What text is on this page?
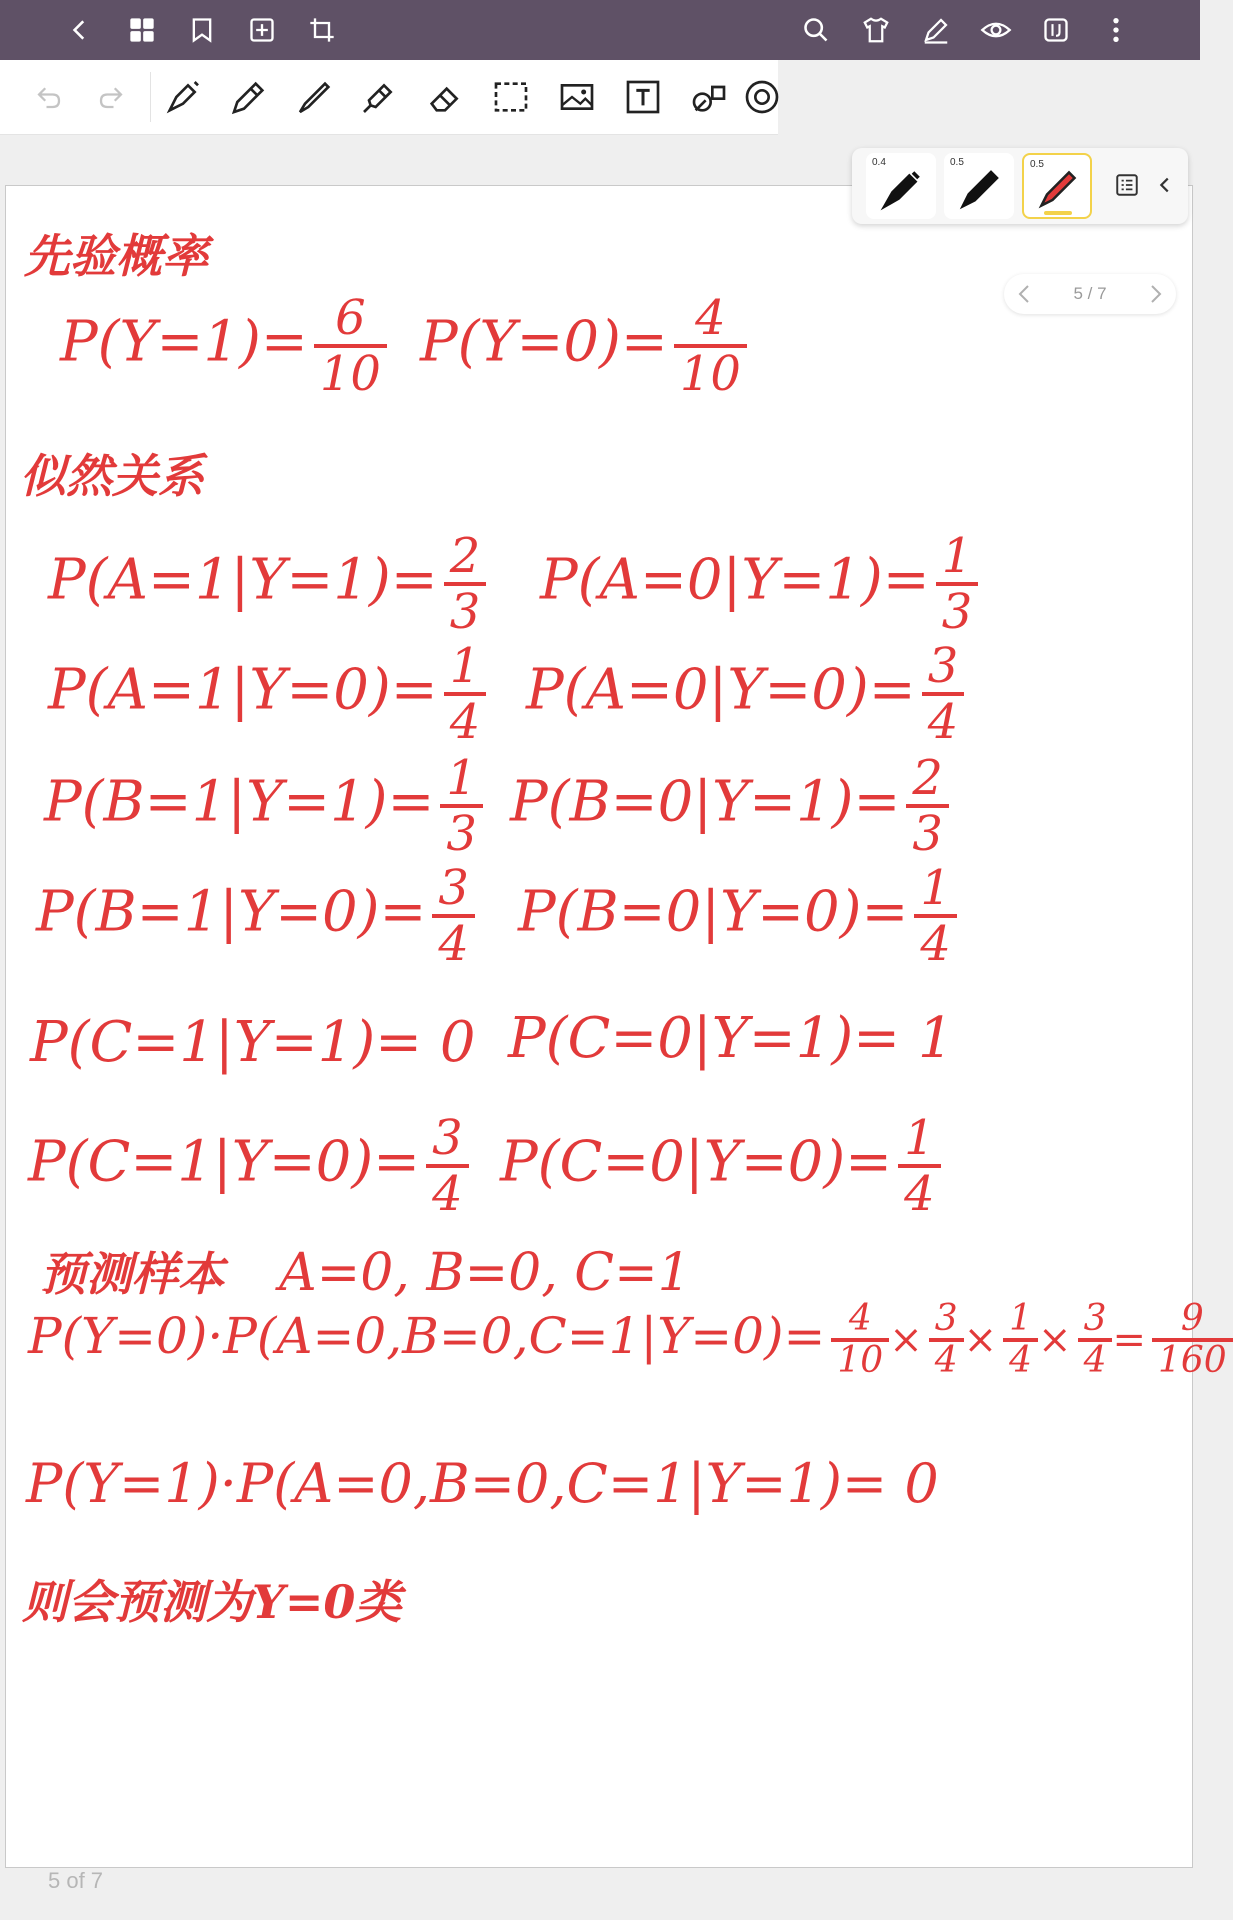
0.4	0.5	0.5
5 / 7
先验概率
$P(Y=1)= \frac{6}{10} P(Y=0)= \frac{4}{10}$
似然关系
$P(A=1|Y=1)= \frac{2}{3} P(A=0|Y=1)= \frac{1}{3}$
$P(A=1|Y=0)= \frac{1}{4} P(A=0|Y=0)= \frac{3}{4}$
$P(B=1|Y=1)= \frac{1}{3} P(B=0|Y=1)= \frac{2}{3}$
$P(B=1|Y=0)= \frac{3}{4} P(B=0|Y=0)= \frac{1}{4}$
P(C=1|Y=1)= 0 P(C=0|Y=1)= 1
$P(C=1|Y=0)= \frac{3}{4} P(C=0|Y=0)= \frac{1}{4}$
预测样本 A=0, B=0, C=1
$P(Y=0)\cdot P(A=0,B=0,C=1|Y=0)= \frac{4}{10} \times \frac{3}{4} \times \frac{1}{4} \times \frac{3}{4} = \frac{9}{160}$
P(Y=1)·P(A=0,B=0,C=1|Y=1)= 0
则会预测为Y=0类
5 of 7
